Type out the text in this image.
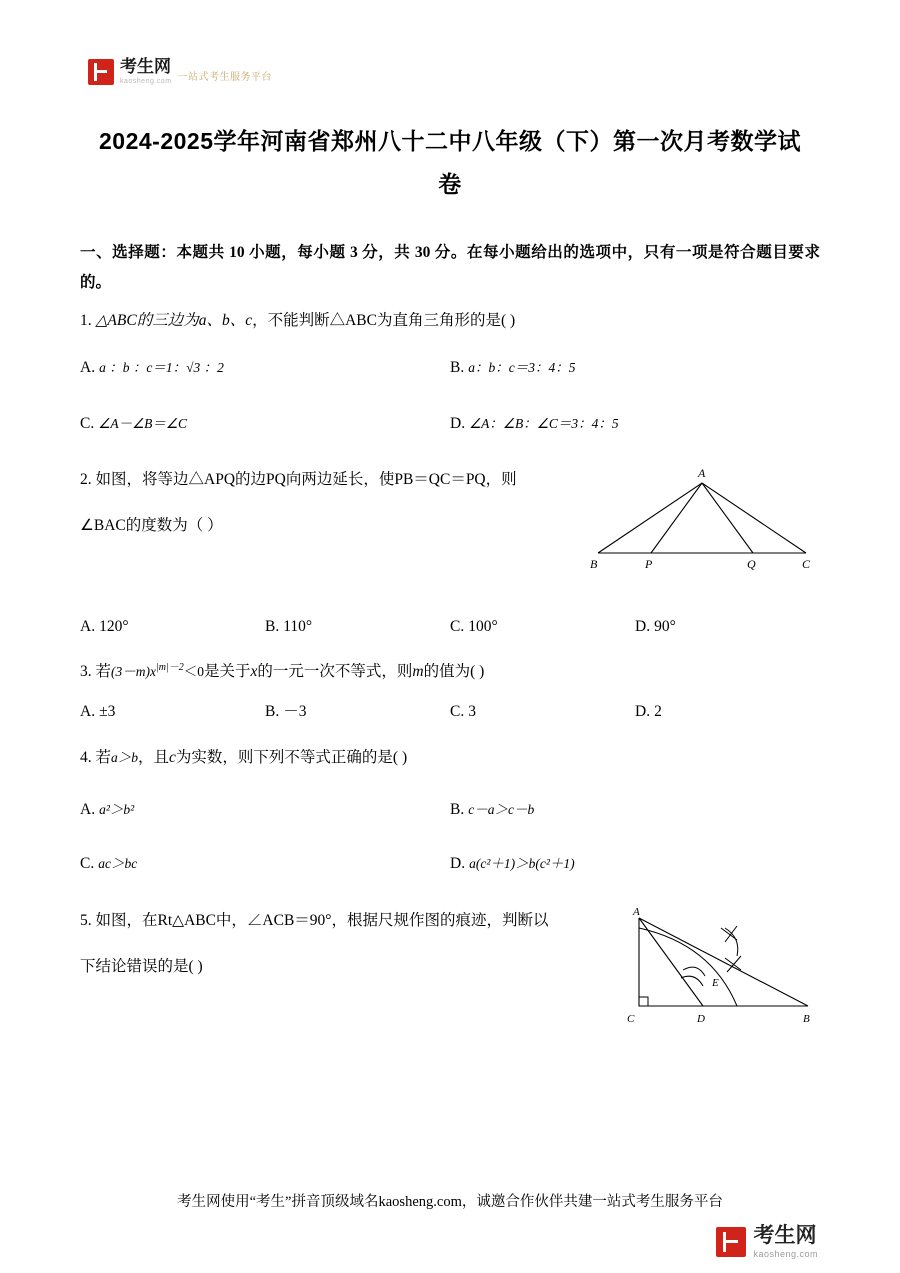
考生网
kaosheng.com 一站式考生服务平台
2024-2025学年河南省郑州八十二中八年级（下）第一次月考数学试
卷

一、选择题：本题共 10 小题，每小题 3 分，共 30 分。在每小题给出的选项中，只有一项是符合题目要求的。

1. △ABC的三边为a、b、c，不能判断△ABC为直角三角形的是( )

A. a ：b ：c＝1：√3 ：2	B. a：b：c＝3：4：5
C. ∠A－∠B＝∠C	D. ∠A：∠B：∠C＝3：4：5

2. 如图，将等边△APQ的边PQ向两边延长，使PB＝QC＝PQ，则

∠BAC的度数为（ ）

A
B	P	Q	C
A. 120°	B. 110°	C. 100°	D. 90°

3. 若$(3-m)x^{|m|-2}<0$是关于x的一元一次不等式，则m的值为( )

A. ±3	B. －3	C. 3	D. 2

4. 若a＞b，且c为实数，则下列不等式正确的是( )

A. a²＞b²	B. c－a＞c－b
C. ac＞bc	D. a(c²＋1)＞b(c²＋1)

5. 如图，在Rt△ABC中，∠ACB＝90°，根据尺规作图的痕迹，判断以

下结论错误的是( )

A
E
C	D	B
考生网使用“考生”拼音顶级域名kaosheng.com，诚邀合作伙伴共建一站式考生服务平台
考生网
kaosheng.com
